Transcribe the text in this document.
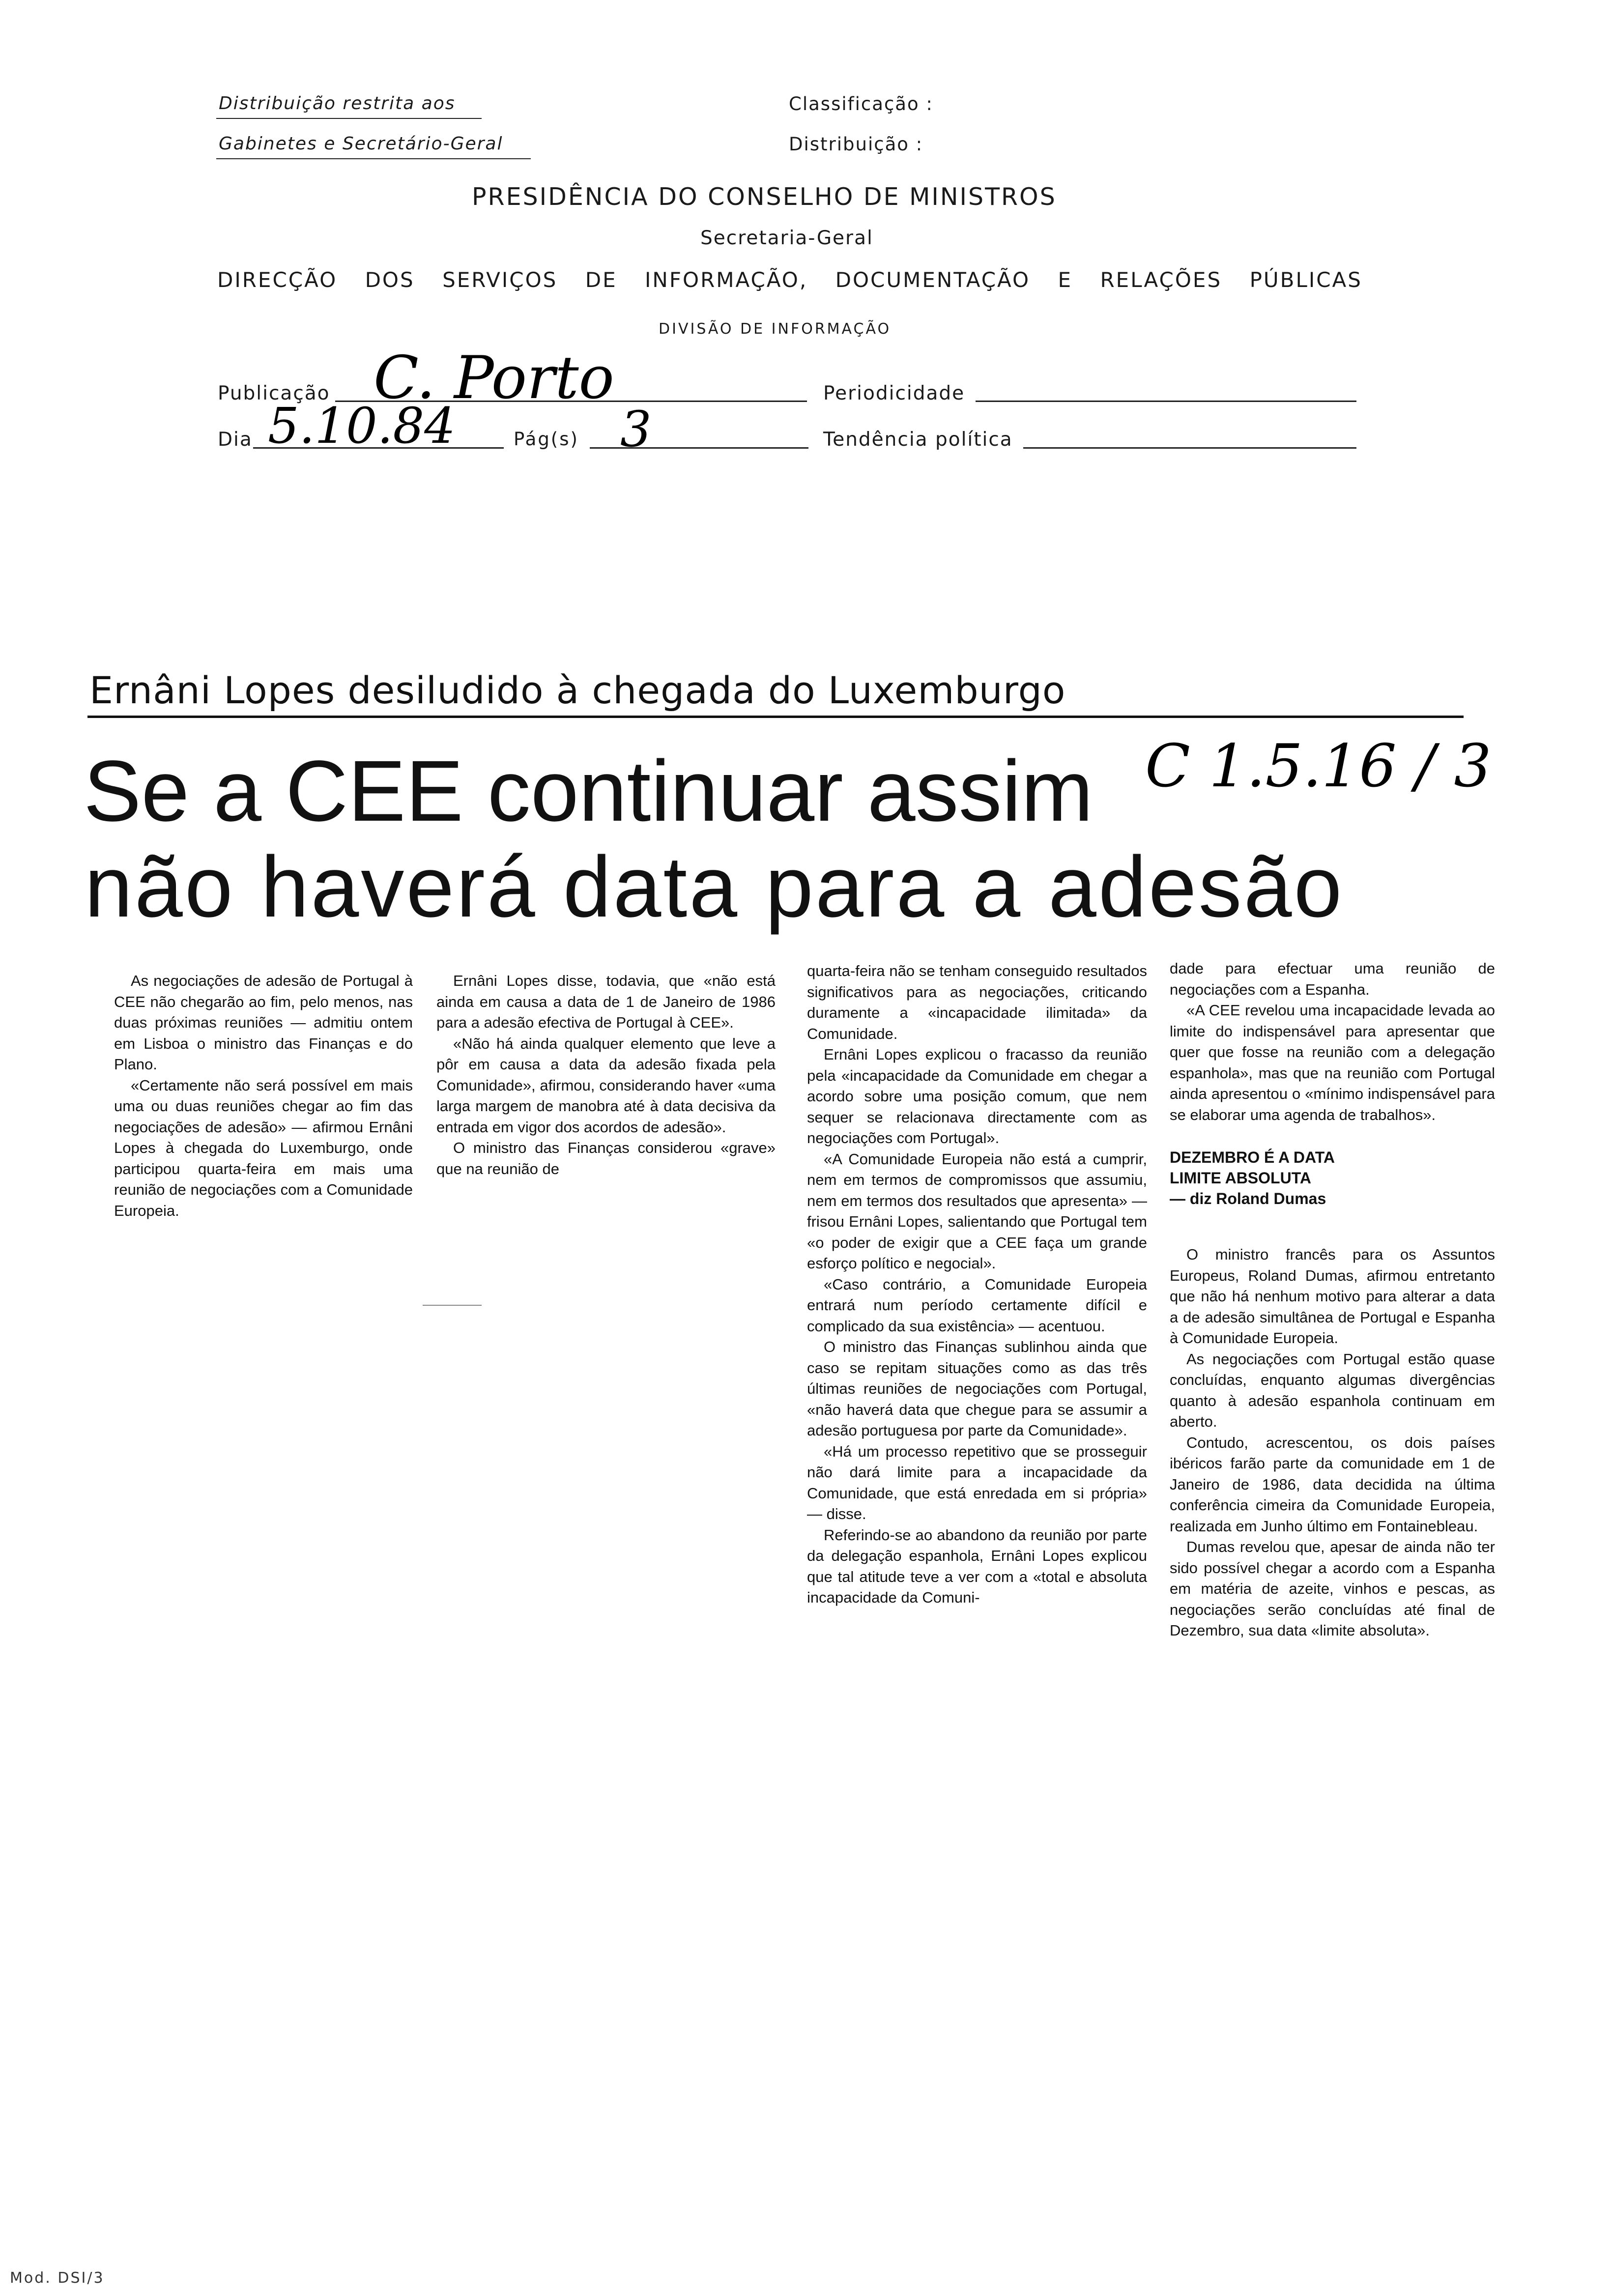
Distribuição restrita aos
Gabinetes e Secretário-Geral
Classificação :
Distribuição :
PRESIDÊNCIA DO CONSELHO DE MINISTROS
Secretaria-Geral
DIRECÇÃO DOS SERVIÇOS DE INFORMAÇÃO, DOCUMENTAÇÃO E RELAÇÕES PÚBLICAS
DIVISÃO DE INFORMAÇÃO
Publicação C. Porto	Periodicidade
Dia 5.10.84	Pág(s) 3	Tendência política
Ernâni Lopes desiludido à chegada do Luxemburgo
Se a CEE continuar assim C 1.5.16 / 3
não haverá data para a adesão

As negociações de adesão de Portugal à CEE não chegarão ao fim, pelo menos, nas duas próximas reuniões — admitiu ontem em Lisboa o ministro das Finanças e do Plano.

«Certamente não será possível em mais uma ou duas reuniões chegar ao fim das negociações de adesão» — afirmou Ernâni Lopes à chegada do Luxemburgo, onde participou quarta-feira em mais uma reunião de negociações com a Comunidade Europeia.

Ernâni Lopes disse, todavia, que «não está ainda em causa a data de 1 de Janeiro de 1986 para a adesão efectiva de Portugal à CEE».

«Não há ainda qualquer elemento que leve a pôr em causa a data da adesão fixada pela Comunidade», afirmou, considerando haver «uma larga margem de manobra até à data decisiva da entrada em vigor dos acordos de adesão».

O ministro das Finanças considerou «grave» que na reunião de

quarta-feira não se tenham conseguido resultados significativos para as negociações, criticando duramente a «incapacidade ilimitada» da Comunidade.

Ernâni Lopes explicou o fracasso da reunião pela «incapacidade da Comunidade em chegar a acordo sobre uma posição comum, que nem sequer se relacionava directamente com as negociações com Portugal».

«A Comunidade Europeia não está a cumprir, nem em termos de compromissos que assumiu, nem em termos dos resultados que apresenta» — frisou Ernâni Lopes, salientando que Portugal tem «o poder de exigir que a CEE faça um grande esforço político e negocial».

«Caso contrário, a Comunidade Europeia entrará num período certamente difícil e complicado da sua existência» — acentuou.

O ministro das Finanças sublinhou ainda que caso se repitam situações como as das três últimas reuniões de negociações com Portugal, «não haverá data que chegue para se assumir a adesão portuguesa por parte da Comunidade».

«Há um processo repetitivo que se prosseguir não dará limite para a incapacidade da Comunidade, que está enredada em si própria» — disse.

Referindo-se ao abandono da reunião por parte da delegação espanhola, Ernâni Lopes explicou que tal atitude teve a ver com a «total e absoluta incapacidade da Comuni-

dade para efectuar uma reunião de negociações com a Espanha.

«A CEE revelou uma incapacidade levada ao limite do indispensável para apresentar que quer que fosse na reunião com a delegação espanhola», mas que na reunião com Portugal ainda apresentou o «mínimo indispensável para se elaborar uma agenda de trabalhos».

DEZEMBRO É A DATA
LIMITE ABSOLUTA
— diz Roland Dumas

O ministro francês para os Assuntos Europeus, Roland Dumas, afirmou entretanto que não há nenhum motivo para alterar a data a de adesão simultânea de Portugal e Espanha à Comunidade Europeia.

As negociações com Portugal estão quase concluídas, enquanto algumas divergências quanto à adesão espanhola continuam em aberto.

Contudo, acrescentou, os dois países ibéricos farão parte da comunidade em 1 de Janeiro de 1986, data decidida na última conferência cimeira da Comunidade Europeia, realizada em Junho último em Fontainebleau.

Dumas revelou que, apesar de ainda não ter sido possível chegar a acordo com a Espanha em matéria de azeite, vinhos e pescas, as negociações serão concluídas até final de Dezembro, sua data «limite absoluta».

Mod. DSI/3
